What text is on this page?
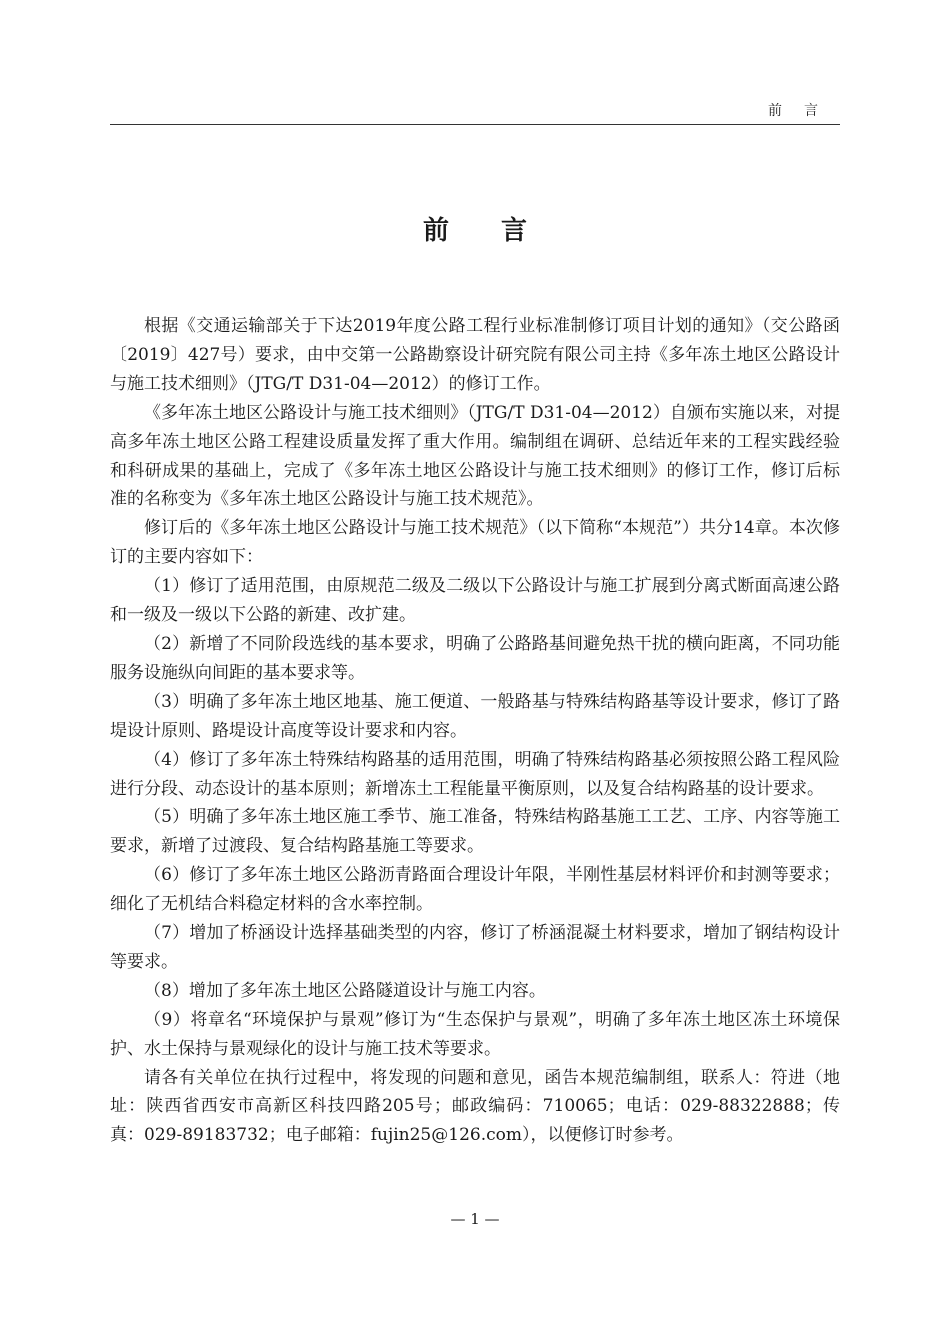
前言
前言

根据《交通运输部关于下达2019年度公路工程行业标准制修订项目计划的通知》（交公路函〔2019〕427号）要求，由中交第一公路勘察设计研究院有限公司主持《多年冻土地区公路设计与施工技术细则》（JTG/T D31-04—2012）的修订工作。

《多年冻土地区公路设计与施工技术细则》（JTG/T D31-04—2012）自颁布实施以来，对提高多年冻土地区公路工程建设质量发挥了重大作用。编制组在调研、总结近年来的工程实践经验和科研成果的基础上，完成了《多年冻土地区公路设计与施工技术细则》的修订工作，修订后标准的名称变为《多年冻土地区公路设计与施工技术规范》。

修订后的《多年冻土地区公路设计与施工技术规范》（以下简称“本规范”）共分14章。本次修订的主要内容如下：

（1）修订了适用范围，由原规范二级及二级以下公路设计与施工扩展到分离式断面高速公路和一级及一级以下公路的新建、改扩建。

（2）新增了不同阶段选线的基本要求，明确了公路路基间避免热干扰的横向距离，不同功能服务设施纵向间距的基本要求等。

（3）明确了多年冻土地区地基、施工便道、一般路基与特殊结构路基等设计要求，修订了路堤设计原则、路堤设计高度等设计要求和内容。

（4）修订了多年冻土特殊结构路基的适用范围，明确了特殊结构路基必须按照公路工程风险进行分段、动态设计的基本原则；新增冻土工程能量平衡原则，以及复合结构路基的设计要求。

（5）明确了多年冻土地区施工季节、施工准备，特殊结构路基施工工艺、工序、内容等施工要求，新增了过渡段、复合结构路基施工等要求。

（6）修订了多年冻土地区公路沥青路面合理设计年限，半刚性基层材料评价和封测等要求；细化了无机结合料稳定材料的含水率控制。

（7）增加了桥涵设计选择基础类型的内容，修订了桥涵混凝土材料要求，增加了钢结构设计等要求。

（8）增加了多年冻土地区公路隧道设计与施工内容。

（9）将章名“环境保护与景观”修订为“生态保护与景观”，明确了多年冻土地区冻土环境保护、水土保持与景观绿化的设计与施工技术等要求。

请各有关单位在执行过程中，将发现的问题和意见，函告本规范编制组，联系人：符进（地址：陕西省西安市高新区科技四路205号；邮政编码：710065；电话：029-88322888；传真：029-89183732；电子邮箱：fujin25@126.com），以便修订时参考。

— 1 —
